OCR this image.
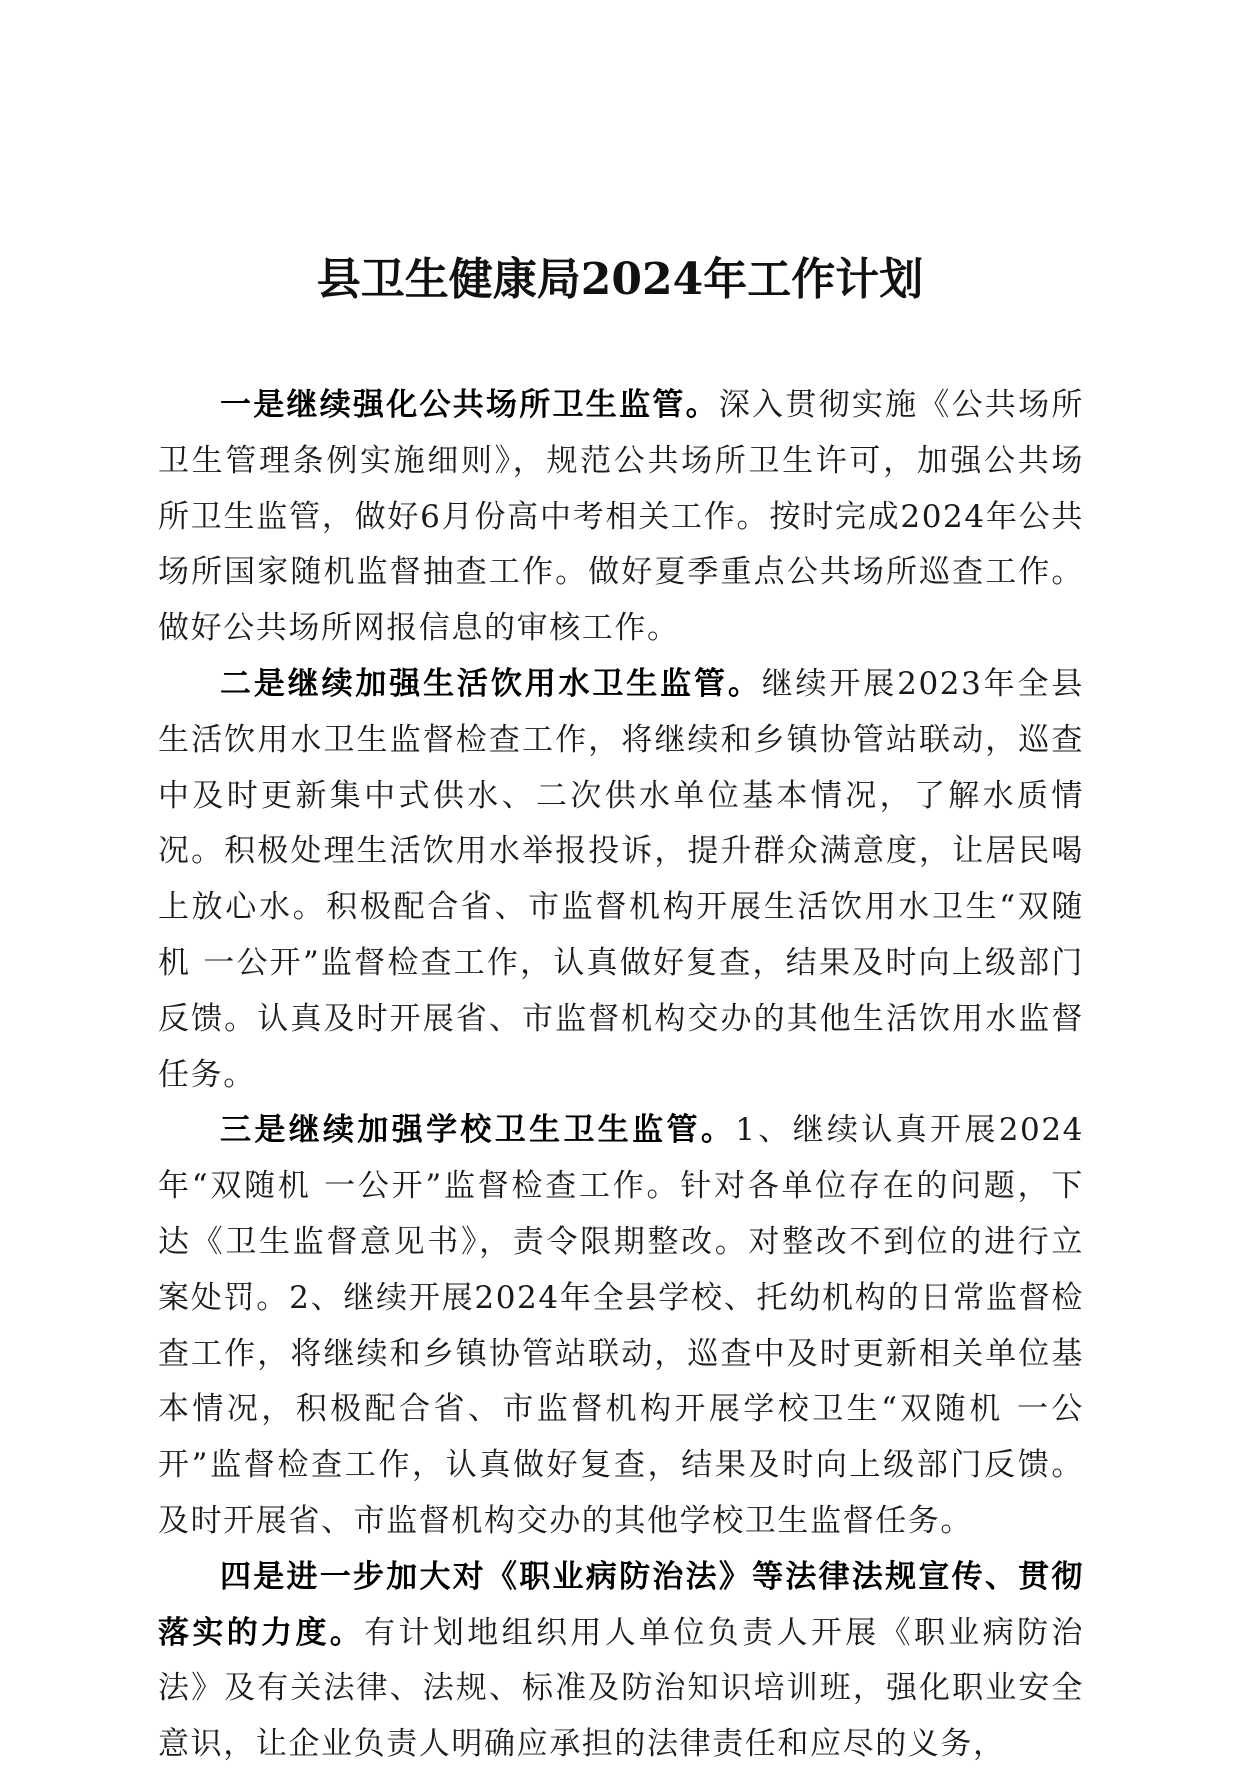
县卫生健康局2024年工作计划

一是继续强化公共场所卫生监管。深入贯彻实施《公共场所卫生管理条例实施细则》，规范公共场所卫生许可，加强公共场所卫生监管，做好6月份高中考相关工作。按时完成2024年公共场所国家随机监督抽查工作。做好夏季重点公共场所巡查工作。做好公共场所网报信息的审核工作。

二是继续加强生活饮用水卫生监管。继续开展2023年全县生活饮用水卫生监督检查工作，将继续和乡镇协管站联动，巡查中及时更新集中式供水、二次供水单位基本情况，了解水质情况。积极处理生活饮用水举报投诉，提升群众满意度，让居民喝上放心水。积极配合省、市监督机构开展生活饮用水卫生“双随机 一公开”监督检查工作，认真做好复查，结果及时向上级部门反馈。认真及时开展省、市监督机构交办的其他生活饮用水监督任务。

三是继续加强学校卫生卫生监管。1、继续认真开展2024年“双随机 一公开”监督检查工作。针对各单位存在的问题，下达《卫生监督意见书》，责令限期整改。对整改不到位的进行立案处罚。2、继续开展2024年全县学校、托幼机构的日常监督检查工作，将继续和乡镇协管站联动，巡查中及时更新相关单位基本情况，积极配合省、市监督机构开展学校卫生“双随机 一公开”监督检查工作，认真做好复查，结果及时向上级部门反馈。及时开展省、市监督机构交办的其他学校卫生监督任务。

四是进一步加大对《职业病防治法》等法律法规宣传、贯彻落实的力度。有计划地组织用人单位负责人开展《职业病防治法》及有关法律、法规、标准及防治知识培训班，强化职业安全意识，让企业负责人明确应承担的法律责任和应尽的义务，
